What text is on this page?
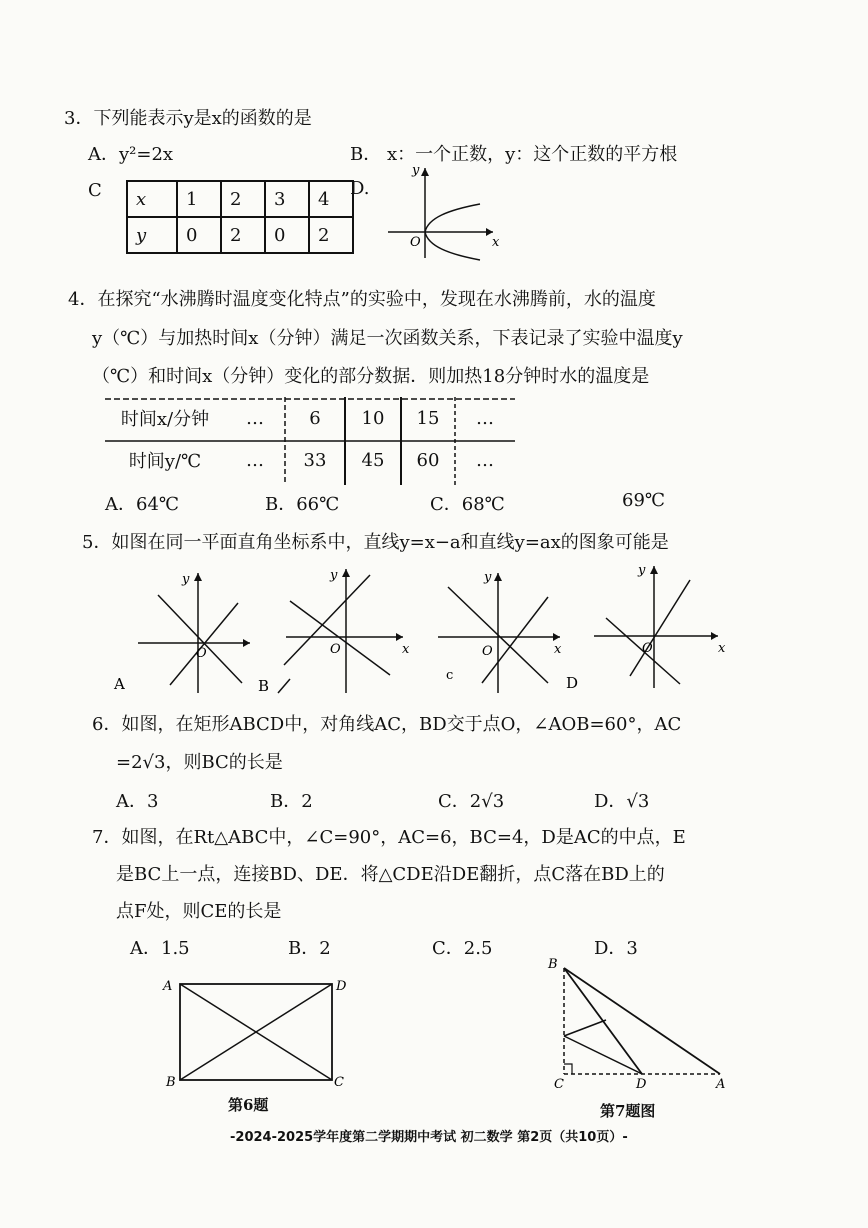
3．下列能表示y是x的函数的是
A．y²=2x	B． x：一个正数，y：这个正数的平方根
C x	1	2	3	4
y	0	2	0	2
D.
y
x
O
4．在探究“水沸腾时温度变化特点”的实验中，发现在水沸腾前，水的温度
y（℃）与加热时间x（分钟）满足一次函数关系，下表记录了实验中温度y
（℃）和时间x（分钟）变化的部分数据．则加热18分钟时水的温度是
时间x/分钟	…	6	10	15	…
时间y/℃	…	33	45	60	…
A．64℃	B．66℃	C．68℃	69℃
5．如图在同一平面直角坐标系中，直线y=x−a和直线y=ax的图象可能是
y
O
A
y
O	x
B
y
O	x
c
y
O	x
D
6．如图，在矩形ABCD中，对角线AC，BD交于点O，∠AOB=60°，AC
=2√3，则BC的长是
A．3	B．2	C．2√3	D．√3
7．如图，在Rt△ABC中，∠C=90°，AC=6，BC=4，D是AC的中点，E
是BC上一点，连接BD、DE．将△CDE沿DE翻折，点C落在BD上的
点F处，则CE的长是
A．1.5	B．2	C．2.5	D．3
A	D
B	C
第6题
B
C	D	A
第7题图
-2024-2025学年度第二学期期中考试 初二数学 第2页（共10页）-
